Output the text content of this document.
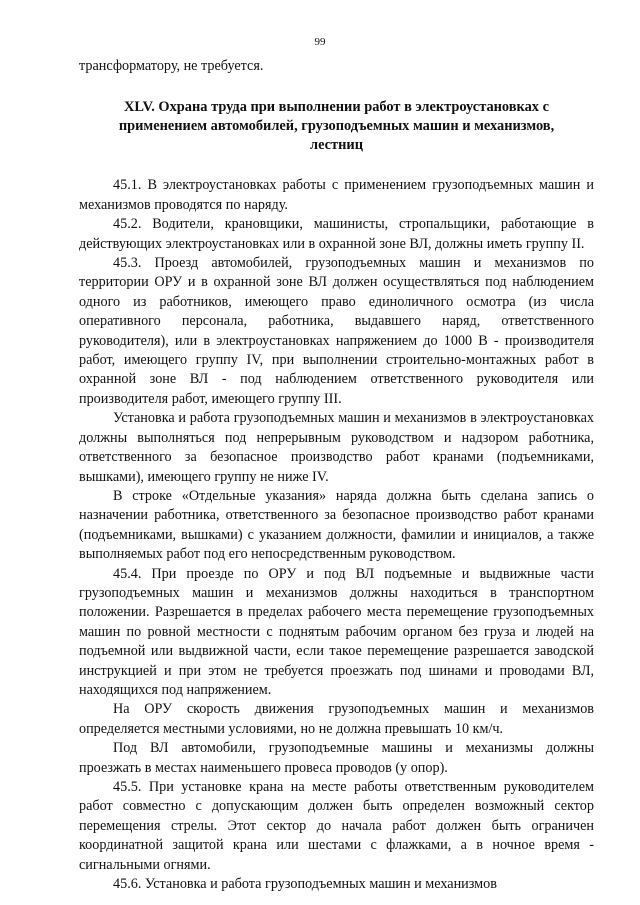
99

трансформатору, не требуется.

XLV. Охрана труда при выполнении работ в электроустановках с
применением автомобилей, грузоподъемных машин и механизмов,
лестниц

45.1. В электроустановках работы с применением грузоподъемных машин и механизмов проводятся по наряду.

45.2. Водители, крановщики, машинисты, стропальщики, работающие в действующих электроустановках или в охранной зоне ВЛ, должны иметь группу II.

45.3. Проезд автомобилей, грузоподъемных машин и механизмов по территории ОРУ и в охранной зоне ВЛ должен осуществляться под наблюдением одного из работников, имеющего право единоличного осмотра (из числа оперативного персонала, работника, выдавшего наряд, ответственного руководителя), или в электроустановках напряжением до 1000 В - производителя работ, имеющего группу IV, при выполнении строительно-монтажных работ в охранной зоне ВЛ - под наблюдением ответственного руководителя или производителя работ, имеющего группу III.

Установка и работа грузоподъемных машин и механизмов в электроустановках должны выполняться под непрерывным руководством и надзором работника, ответственного за безопасное производство работ кранами (подъемниками, вышками), имеющего группу не ниже IV.

В строке «Отдельные указания» наряда должна быть сделана запись о назначении работника, ответственного за безопасное производство работ кранами (подъемниками, вышками) с указанием должности, фамилии и инициалов, а также выполняемых работ под его непосредственным руководством.

45.4. При проезде по ОРУ и под ВЛ подъемные и выдвижные части грузоподъемных машин и механизмов должны находиться в транспортном положении. Разрешается в пределах рабочего места перемещение грузоподъемных машин по ровной местности с поднятым рабочим органом без груза и людей на подъемной или выдвижной части, если такое перемещение разрешается заводской инструкцией и при этом не требуется проезжать под шинами и проводами ВЛ, находящихся под напряжением.

На ОРУ скорость движения грузоподъемных машин и механизмов определяется местными условиями, но не должна превышать 10 км/ч.

Под ВЛ автомобили, грузоподъемные машины и механизмы должны проезжать в местах наименьшего провеса проводов (у опор).

45.5. При установке крана на месте работы ответственным руководителем работ совместно с допускающим должен быть определен возможный сектор перемещения стрелы. Этот сектор до начала работ должен быть ограничен координатной защитой крана или шестами с флажками, а в ночное время - сигнальными огнями.

45.6. Установка и работа грузоподъемных машин и механизмов
